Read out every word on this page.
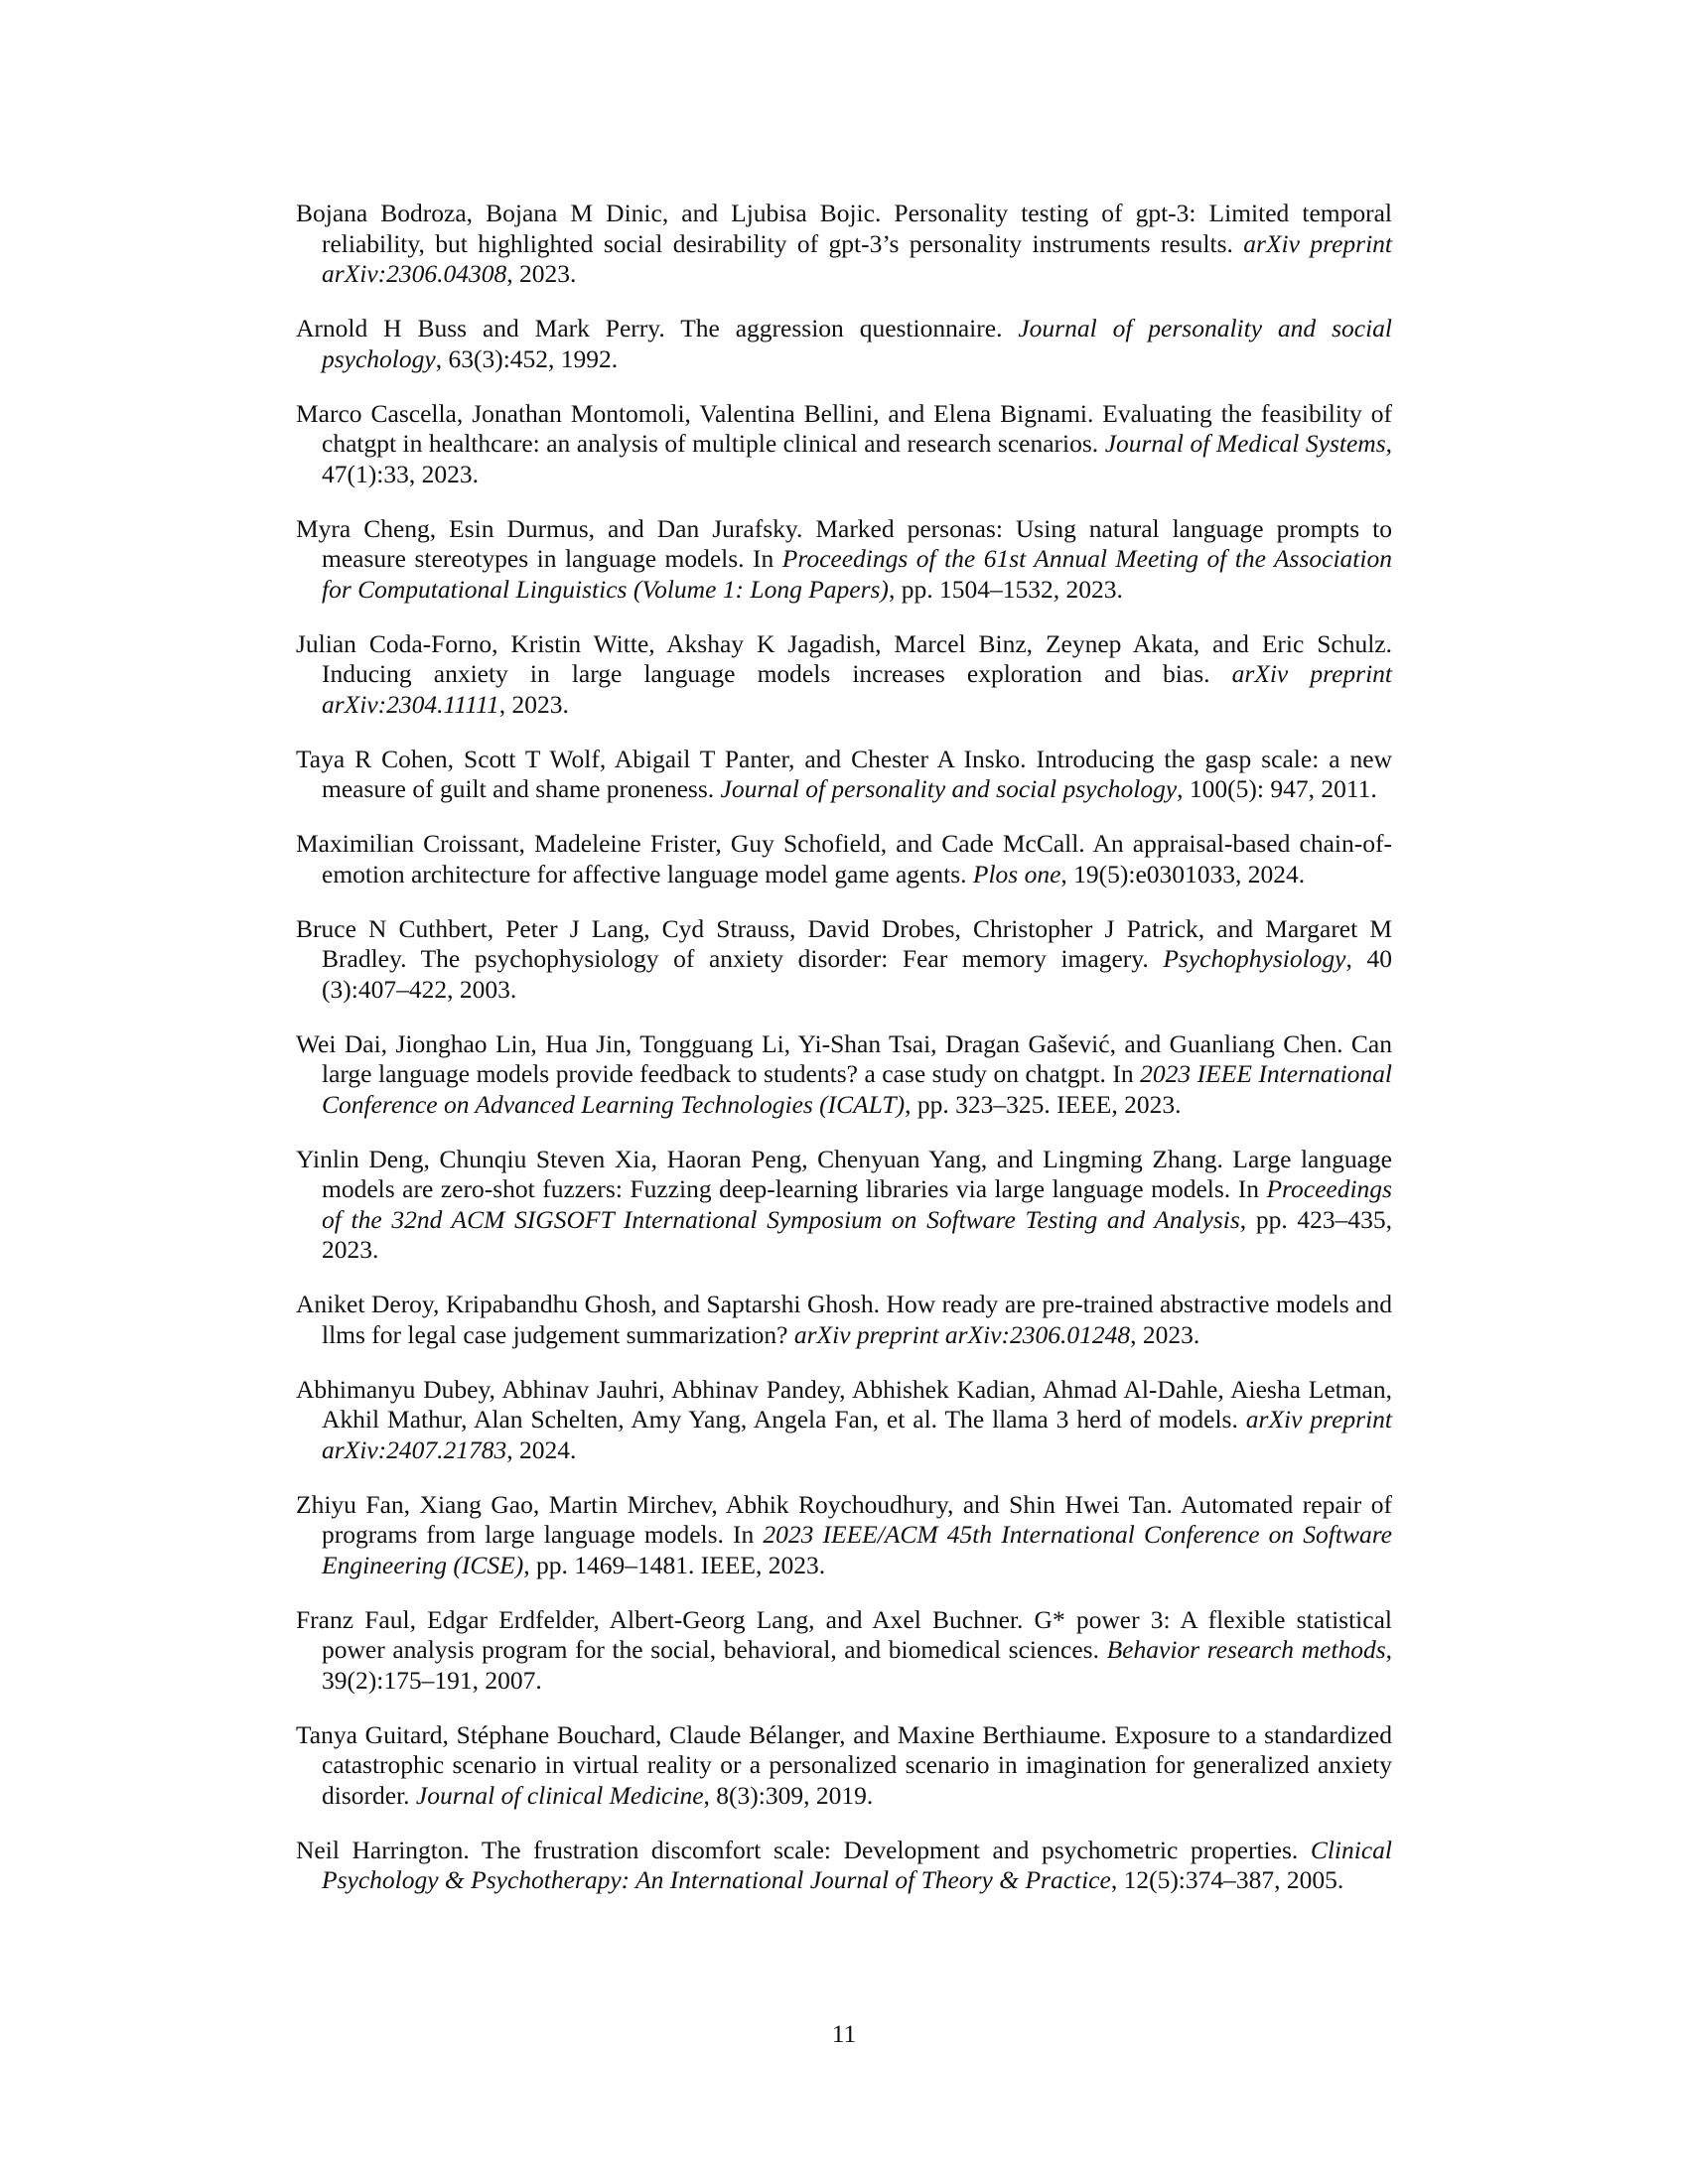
Bojana Bodroza, Bojana M Dinic, and Ljubisa Bojic. Personality testing of gpt-3: Limited temporal reliability, but highlighted social desirability of gpt-3’s personality instruments results. arXiv preprint arXiv:2306.04308, 2023.
Arnold H Buss and Mark Perry. The aggression questionnaire. Journal of personality and social psychology, 63(3):452, 1992.
Marco Cascella, Jonathan Montomoli, Valentina Bellini, and Elena Bignami. Evaluating the feasibility of chatgpt in healthcare: an analysis of multiple clinical and research scenarios. Journal of Medical Systems, 47(1):33, 2023.
Myra Cheng, Esin Durmus, and Dan Jurafsky. Marked personas: Using natural language prompts to measure stereotypes in language models. In Proceedings of the 61st Annual Meeting of the Association for Computational Linguistics (Volume 1: Long Papers), pp. 1504–1532, 2023.
Julian Coda-Forno, Kristin Witte, Akshay K Jagadish, Marcel Binz, Zeynep Akata, and Eric Schulz. Inducing anxiety in large language models increases exploration and bias. arXiv preprint arXiv:2304.11111, 2023.
Taya R Cohen, Scott T Wolf, Abigail T Panter, and Chester A Insko. Introducing the gasp scale: a new measure of guilt and shame proneness. Journal of personality and social psychology, 100(5): 947, 2011.
Maximilian Croissant, Madeleine Frister, Guy Schofield, and Cade McCall. An appraisal-based chain-of-emotion architecture for affective language model game agents. Plos one, 19(5):e0301033, 2024.
Bruce N Cuthbert, Peter J Lang, Cyd Strauss, David Drobes, Christopher J Patrick, and Margaret M Bradley. The psychophysiology of anxiety disorder: Fear memory imagery. Psychophysiology, 40 (3):407–422, 2003.
Wei Dai, Jionghao Lin, Hua Jin, Tongguang Li, Yi-Shan Tsai, Dragan Gašević, and Guanliang Chen. Can large language models provide feedback to students? a case study on chatgpt. In 2023 IEEE International Conference on Advanced Learning Technologies (ICALT), pp. 323–325. IEEE, 2023.
Yinlin Deng, Chunqiu Steven Xia, Haoran Peng, Chenyuan Yang, and Lingming Zhang. Large language models are zero-shot fuzzers: Fuzzing deep-learning libraries via large language models. In Proceedings of the 32nd ACM SIGSOFT International Symposium on Software Testing and Analysis, pp. 423–435, 2023.
Aniket Deroy, Kripabandhu Ghosh, and Saptarshi Ghosh. How ready are pre-trained abstractive models and llms for legal case judgement summarization? arXiv preprint arXiv:2306.01248, 2023.
Abhimanyu Dubey, Abhinav Jauhri, Abhinav Pandey, Abhishek Kadian, Ahmad Al-Dahle, Aiesha Letman, Akhil Mathur, Alan Schelten, Amy Yang, Angela Fan, et al. The llama 3 herd of models. arXiv preprint arXiv:2407.21783, 2024.
Zhiyu Fan, Xiang Gao, Martin Mirchev, Abhik Roychoudhury, and Shin Hwei Tan. Automated repair of programs from large language models. In 2023 IEEE/ACM 45th International Conference on Software Engineering (ICSE), pp. 1469–1481. IEEE, 2023.
Franz Faul, Edgar Erdfelder, Albert-Georg Lang, and Axel Buchner. G* power 3: A flexible statistical power analysis program for the social, behavioral, and biomedical sciences. Behavior research methods, 39(2):175–191, 2007.
Tanya Guitard, Stéphane Bouchard, Claude Bélanger, and Maxine Berthiaume. Exposure to a standardized catastrophic scenario in virtual reality or a personalized scenario in imagination for generalized anxiety disorder. Journal of clinical Medicine, 8(3):309, 2019.
Neil Harrington. The frustration discomfort scale: Development and psychometric properties. Clinical Psychology & Psychotherapy: An International Journal of Theory & Practice, 12(5):374–387, 2005.
11
